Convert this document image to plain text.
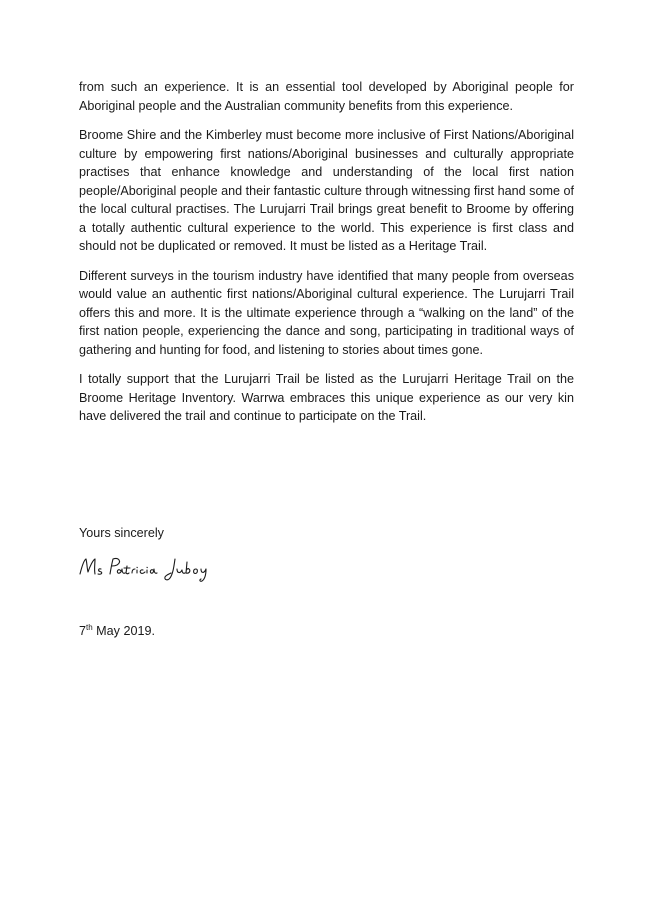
from such an experience. It is an essential tool developed by Aboriginal people for Aboriginal people and the Australian community benefits from this experience.

Broome Shire and the Kimberley must become more inclusive of First Nations/Aboriginal culture by empowering first nations/Aboriginal businesses and culturally appropriate practises that enhance knowledge and understanding of the local first nation people/Aboriginal people and their fantastic culture through witnessing first hand some of the local cultural practises. The Lurujarri Trail brings great benefit to Broome by offering a totally authentic cultural experience to the world. This experience is first class and should not be duplicated or removed. It must be listed as a Heritage Trail.

Different surveys in the tourism industry have identified that many people from overseas would value an authentic first nations/Aboriginal cultural experience. The Lurujarri Trail offers this and more. It is the ultimate experience through a “walking on the land” of the first nation people, experiencing the dance and song, participating in traditional ways of gathering and hunting for food, and listening to stories about times gone.

I totally support that the Lurujarri Trail be listed as the Lurujarri Heritage Trail on the Broome Heritage Inventory. Warrwa embraces this unique experience as our very kin have delivered the trail and continue to participate on the Trail.

Yours sincerely

7th May 2019.
